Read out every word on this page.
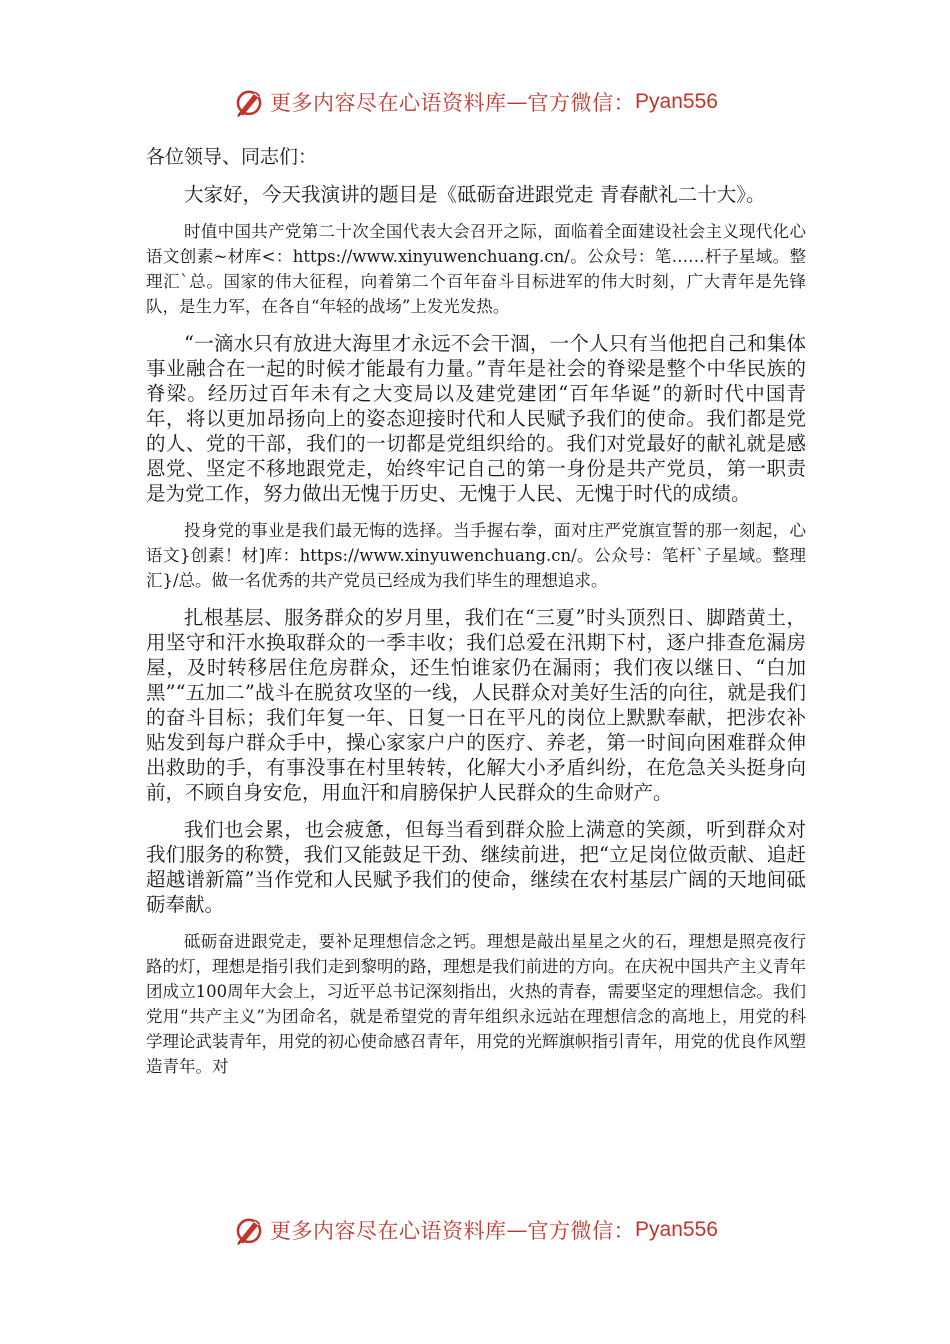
更多内容尽在心语资料库 — 官方微信： Pyan556
各位领导、同志们：

大家好，今天我演讲的题目是《砥砺奋进跟党走 青春献礼二十大》。

时值中国共产党第二十次全国代表大会召开之际，面临着全面建设社会主义现代化心语文创素~材库<：https://www.xinyuwenchuang.cn/。公众号：笔……杆子星域。整理汇`总。国家的伟大征程，向着第二个百年奋斗目标进军的伟大时刻，广大青年是先锋队，是生力军，在各自“年轻的战场”上发光发热。

“一滴水只有放进大海里才永远不会干涸，一个人只有当他把自己和集体事业融合在一起的时候才能最有力量。”青年是社会的脊梁是整个中华民族的脊梁。经历过百年未有之大变局以及建党建团“百年华诞”的新时代中国青年，将以更加昂扬向上的姿态迎接时代和人民赋予我们的使命。我们都是党的人、党的干部，我们的一切都是党组织给的。我们对党最好的献礼就是感恩党、坚定不移地跟党走，始终牢记自己的第一身份是共产党员，第一职责是为党工作，努力做出无愧于历史、无愧于人民、无愧于时代的成绩。

投身党的事业是我们最无悔的选择。当手握右拳，面对庄严党旗宣誓的那一刻起，心语文}创素！材]库：https://www.xinyuwenchuang.cn/。公众号：笔杆`子星域。整理汇}/总。做一名优秀的共产党员已经成为我们毕生的理想追求。

扎根基层、服务群众的岁月里，我们在“三夏”时头顶烈日、脚踏黄土，用坚守和汗水换取群众的一季丰收；我们总爱在汛期下村，逐户排查危漏房屋，及时转移居住危房群众，还生怕谁家仍在漏雨；我们夜以继日、“白加黑”“五加二”战斗在脱贫攻坚的一线，人民群众对美好生活的向往，就是我们的奋斗目标；我们年复一年、日复一日在平凡的岗位上默默奉献，把涉农补贴发到每户群众手中，操心家家户户的医疗、养老，第一时间向困难群众伸出救助的手，有事没事在村里转转，化解大小矛盾纠纷，在危急关头挺身向前，不顾自身安危，用血汗和肩膀保护人民群众的生命财产。

我们也会累，也会疲惫，但每当看到群众脸上满意的笑颜，听到群众对我们服务的称赞，我们又能鼓足干劲、继续前进，把“立足岗位做贡献、追赶超越谱新篇”当作党和人民赋予我们的使命，继续在农村基层广阔的天地间砥砺奉献。

砥砺奋进跟党走，要补足理想信念之钙。理想是敲出星星之火的石，理想是照亮夜行路的灯，理想是指引我们走到黎明的路，理想是我们前进的方向。在庆祝中国共产主义青年团成立100周年大会上，习近平总书记深刻指出，火热的青春，需要坚定的理想信念。我们党用“共产主义”为团命名，就是希望党的青年组织永远站在理想信念的高地上，用党的科学理论武装青年，用党的初心使命感召青年，用党的光辉旗帜指引青年，用党的优良作风塑造青年。对

更多内容尽在心语资料库 — 官方微信： Pyan556
